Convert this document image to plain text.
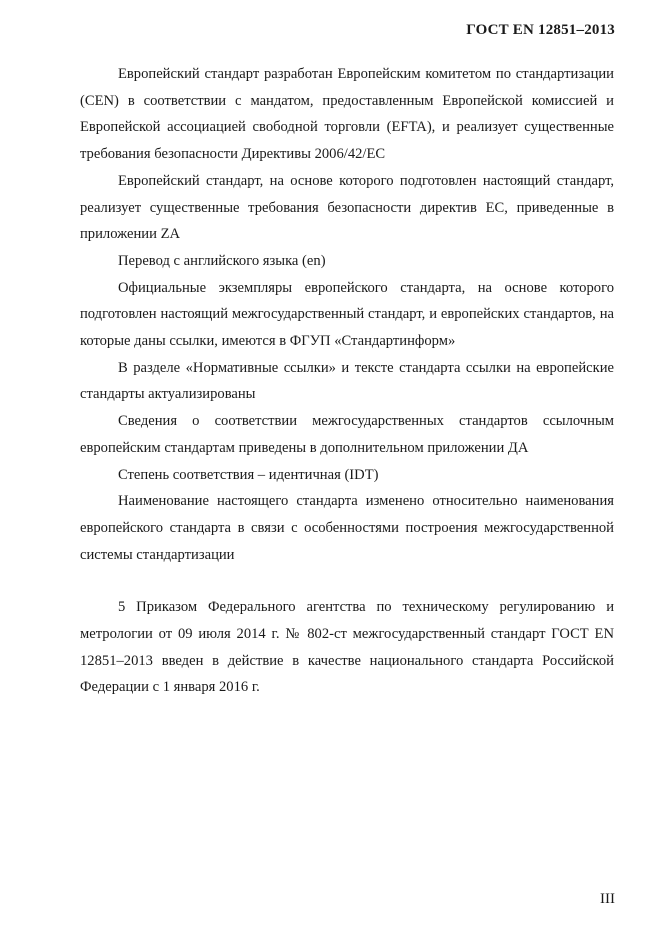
ГОСТ EN 12851–2013

Европейский стандарт разработан Европейским комитетом по стандартизации (CEN) в соответствии с мандатом, предоставленным Европейской комиссией и Европейской ассоциацией свободной торговли (EFTA), и реализует существенные требования безопасности Директивы 2006/42/EC

Европейский стандарт, на основе которого подготовлен настоящий стандарт, реализует существенные требования безопасности директив ЕС, приведенные в приложении ZA

Перевод с английского языка (en)

Официальные экземпляры европейского стандарта, на основе которого подготовлен настоящий межгосударственный стандарт, и европейских стандартов, на которые даны ссылки, имеются в ФГУП «Стандартинформ»

В разделе «Нормативные ссылки» и тексте стандарта ссылки на европейские стандарты актуализированы

Сведения о соответствии межгосударственных стандартов ссылочным европейским стандартам приведены в дополнительном приложении ДА

Степень соответствия – идентичная (IDT)

Наименование настоящего стандарта изменено относительно наименования европейского стандарта в связи с особенностями построения межгосударственной системы стандартизации

5 Приказом Федерального агентства по техническому регулированию и метрологии от 09 июля 2014 г. № 802-ст межгосударственный стандарт ГОСТ EN 12851–2013 введен в действие в качестве национального стандарта Российской Федерации с 1 января 2016 г.

III
